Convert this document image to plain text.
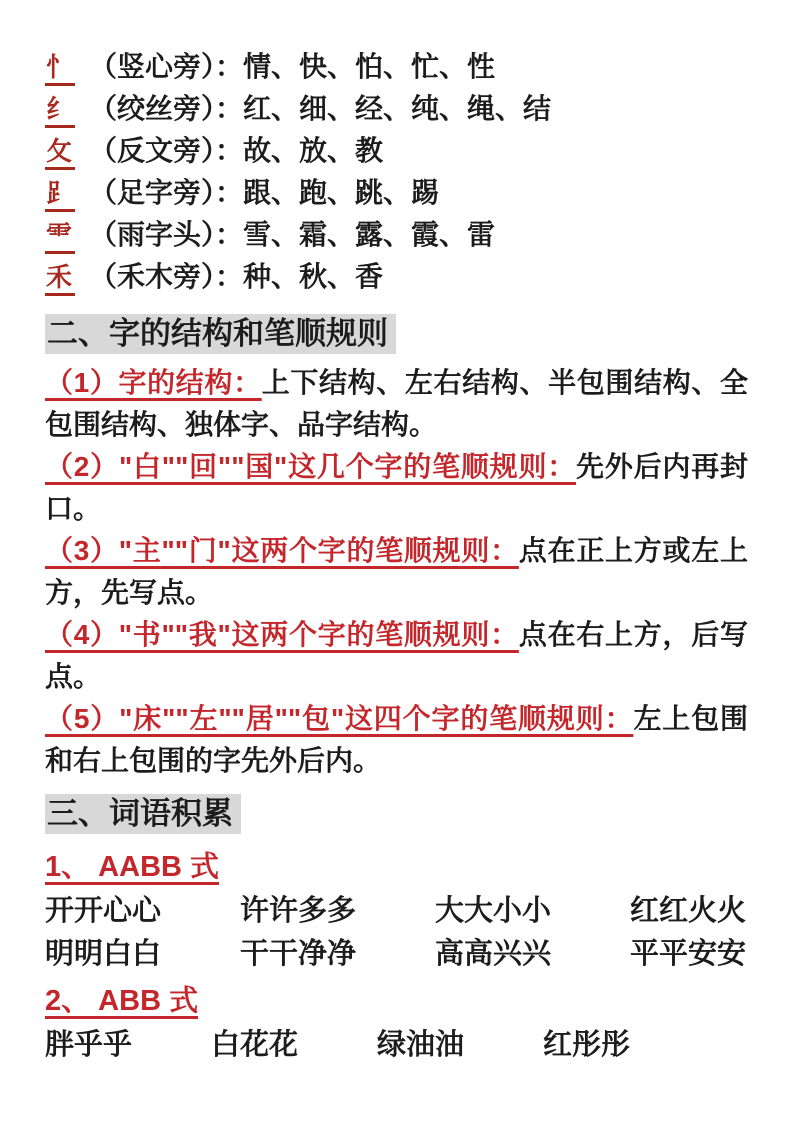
忄 （竖心旁）：情、快、怕、忙、性
纟 （绞丝旁）：红、细、经、纯、绳、结
攵 （反文旁）：故、放、教
⻊ （足字旁）：跟、跑、跳、踢
⻗ （雨字头）：雪、霜、露、霞、雷
禾 （禾木旁）：种、秋、香
二、字的结构和笔顺规则

（1）字的结构：上下结构、左右结构、半包围结构、全包围结构、独体字、品字结构。

（2）"白""回""国"这几个字的笔顺规则：先外后内再封口。

（3）"主""门"这两个字的笔顺规则：点在正上方或左上方，先写点。

（4）"书""我"这两个字的笔顺规则：点在右上方，后写点。

（5）"床""左""居""包"这四个字的笔顺规则：左上包围和右上包围的字先外后内。

三、词语积累
1、 AABB 式
开开心心	许许多多	大大小小	红红火火
明明白白	干干净净	高高兴兴	平平安安
2、 ABB 式
胖乎乎	白花花	绿油油	红彤彤
